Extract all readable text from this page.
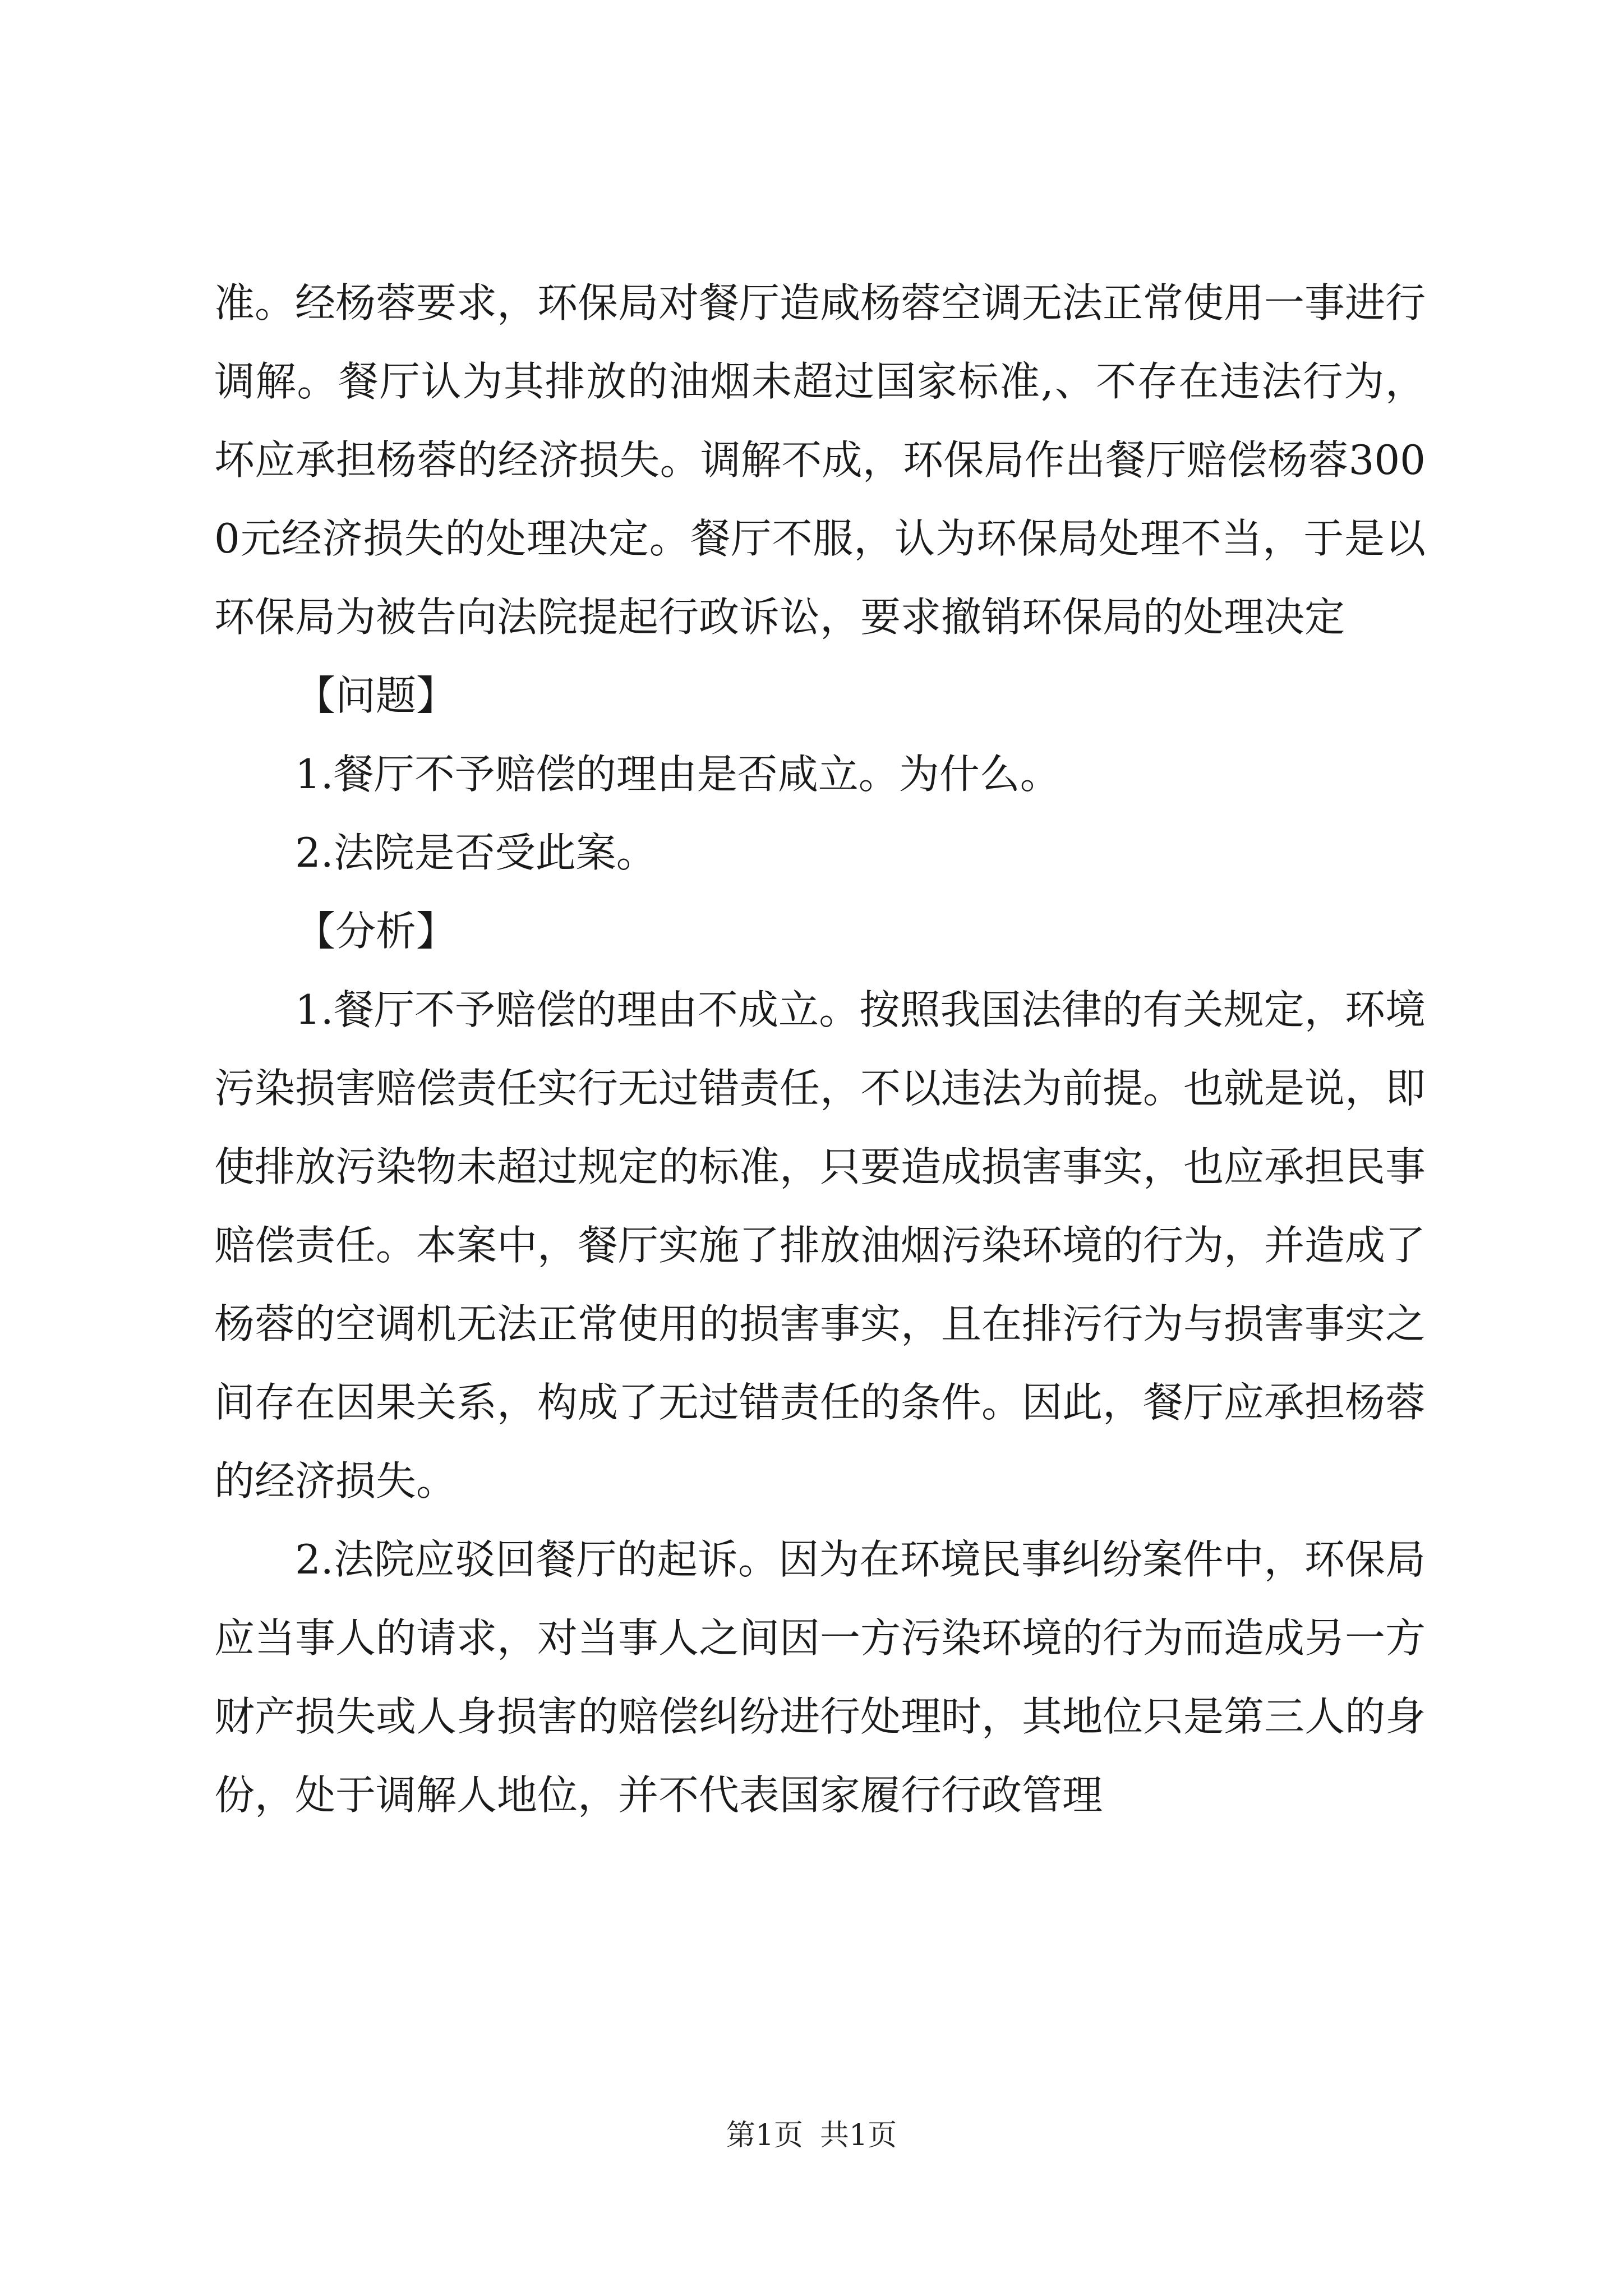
准。经杨蓉要求，环保局对餐厅造咸杨蓉空调无法正常使用一事进行调解。餐厅认为其排放的油烟未超过国家标准,、不存在违法行为，坏应承担杨蓉的经济损失。调解不成，环保局作出餐厅赔偿杨蓉3000元经济损失的处理决定。餐厅不服，认为环保局处理不当，于是以环保局为被告向法院提起行政诉讼，要求撤销环保局的处理决定

【问题】

1.餐厅不予赔偿的理由是否咸立。为什么。

2.法院是否受此案。

【分析】

1.餐厅不予赔偿的理由不成立。按照我国法律的有关规定，环境污染损害赔偿责任实行无过错责任，不以违法为前提。也就是说，即使排放污染物未超过规定的标准，只要造成损害事实，也应承担民事赔偿责任。本案中，餐厅实施了排放油烟污染环境的行为，并造成了杨蓉的空调机无法正常使用的损害事实，且在排污行为与损害事实之间存在因果关系，构成了无过错责任的条件。因此，餐厅应承担杨蓉的经济损失。

2.法院应驳回餐厅的起诉。因为在环境民事纠纷案件中，环保局应当事人的请求，对当事人之间因一方污染环境的行为而造成另一方财产损失或人身损害的赔偿纠纷进行处理时，其地位只是第三人的身份，处于调解人地位，并不代表国家履行行政管理

第1页 共1页
